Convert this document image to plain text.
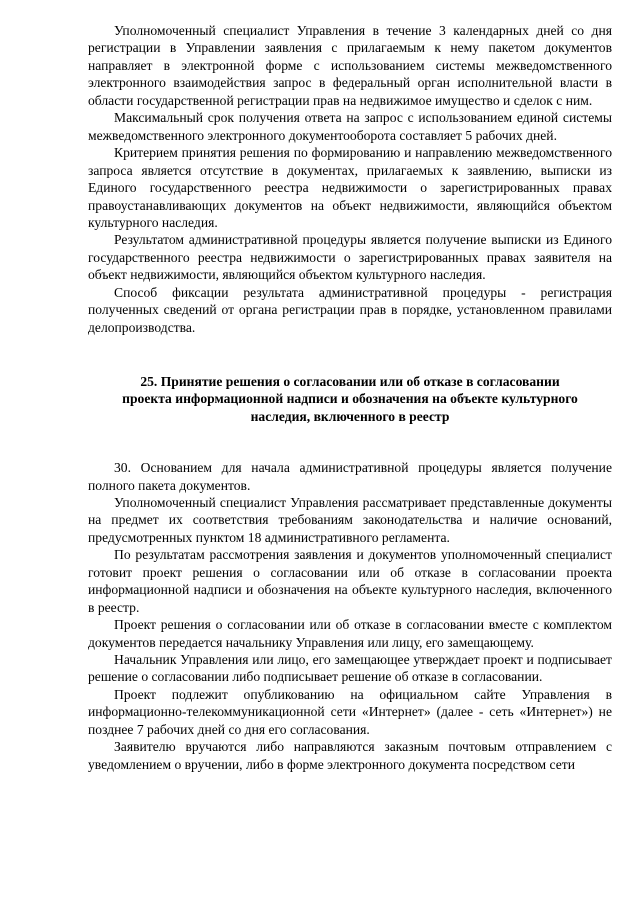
Уполномоченный специалист Управления в течение 3 календарных дней со дня регистрации в Управлении заявления с прилагаемым к нему пакетом документов направляет в электронной форме с использованием системы межведомственного электронного взаимодействия запрос в федеральный орган исполнительной власти в области государственной регистрации прав на недвижимое имущество и сделок с ним.

Максимальный срок получения ответа на запрос с использованием единой системы межведомственного электронного документооборота составляет 5 рабочих дней.

Критерием принятия решения по формированию и направлению межведомственного запроса является отсутствие в документах, прилагаемых к заявлению, выписки из Единого государственного реестра недвижимости о зарегистрированных правах правоустанавливающих документов на объект недвижимости, являющийся объектом культурного наследия.

Результатом административной процедуры является получение выписки из Единого государственного реестра недвижимости о зарегистрированных правах заявителя на объект недвижимости, являющийся объектом культурного наследия.

Способ фиксации результата административной процедуры - регистрация полученных сведений от органа регистрации прав в порядке, установленном правилами делопроизводства.

25. Принятие решения о согласовании или об отказе в согласовании
проекта информационной надписи и обозначения на объекте культурного
наследия, включенного в реестр

30. Основанием для начала административной процедуры является получение полного пакета документов.

Уполномоченный специалист Управления рассматривает представленные документы на предмет их соответствия требованиям законодательства и наличие оснований, предусмотренных пунктом 18 административного регламента.

По результатам рассмотрения заявления и документов уполномоченный специалист готовит проект решения о согласовании или об отказе в согласовании проекта информационной надписи и обозначения на объекте культурного наследия, включенного в реестр.

Проект решения о согласовании или об отказе в согласовании вместе с комплектом документов передается начальнику Управления или лицу, его замещающему.

Начальник Управления или лицо, его замещающее утверждает проект и подписывает решение о согласовании либо подписывает решение об отказе в согласовании.

Проект подлежит опубликованию на официальном сайте Управления в информационно-телекоммуникационной сети «Интернет» (далее - сеть «Интернет») не позднее 7 рабочих дней со дня его согласования.

Заявителю вручаются либо направляются заказным почтовым отправлением с уведомлением о вручении, либо в форме электронного документа посредством сети
